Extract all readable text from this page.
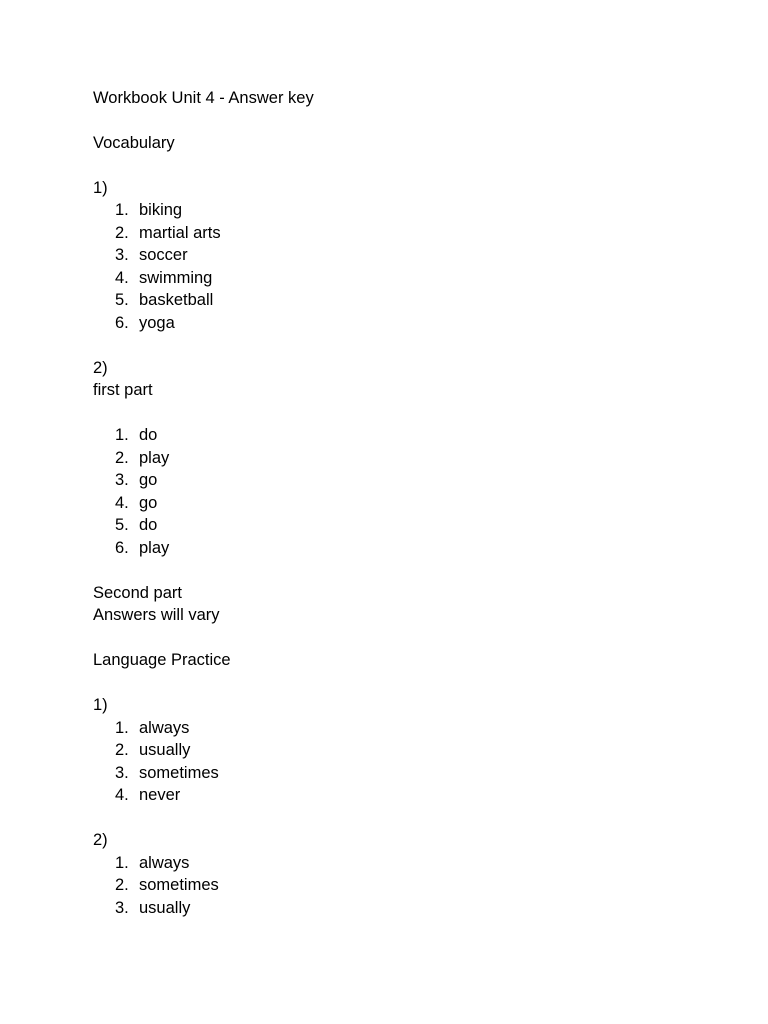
Workbook Unit 4 - Answer key
Vocabulary
1)
1. biking
2. martial arts
3. soccer
4. swimming
5. basketball
6. yoga
2)
first part
1. do
2. play
3. go
4. go
5. do
6. play
Second part
Answers will vary
Language Practice
1)
1. always
2. usually
3. sometimes
4. never
2)
1. always
2. sometimes
3. usually
